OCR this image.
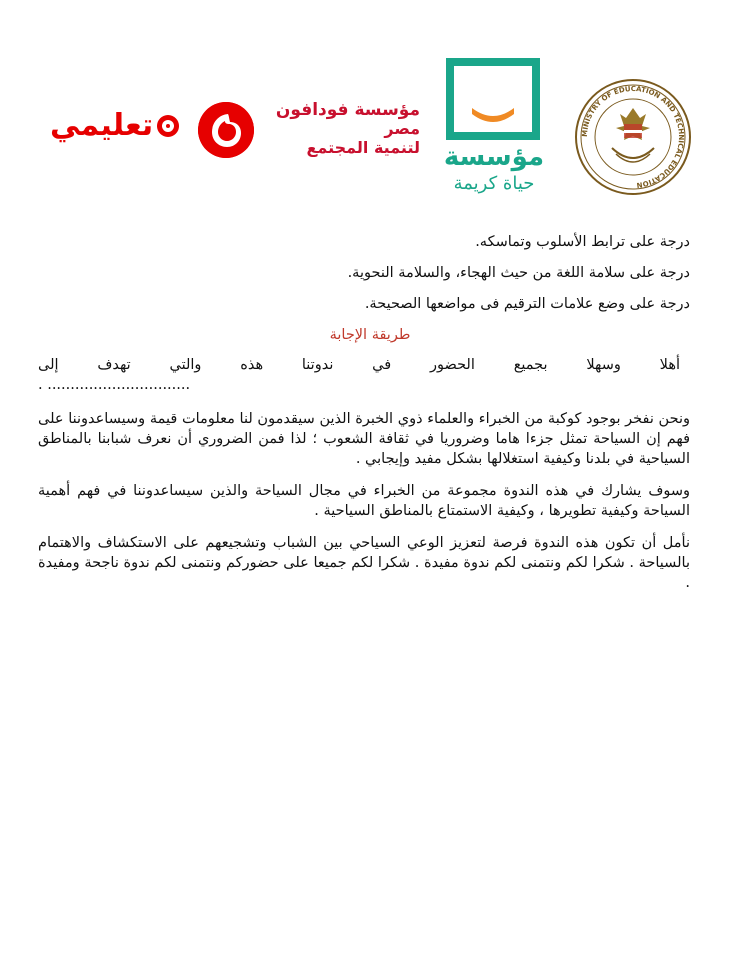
تعليمي	مؤسسة فودافون
مصر
لتنمية المجتمع مؤسسة
حياة كريمة
MINISTRY OF EDUCATION AND TECHNICAL EDUCATION

درجة على ترابط الأسلوب وتماسكه.

درجة على سلامة اللغة من حيث الهجاء، والسلامة النحوية.

درجة على وضع علامات الترقيم فى مواضعها الصحيحة.

طريقة الإجابة

أهلا وسهلا بجميع الحضور في ندوتنا هذه والتي تهدف إلى

. ...............................

ونحن نفخر بوجود كوكبة من الخبراء والعلماء ذوي الخبرة الذين سيقدمون لنا معلومات قيمة وسيساعدوننا على فهم إن السياحة تمثل جزءا هاما وضروريا في ثقافة الشعوب ؛ لذا فمن الضروري أن نعرف شبابنا بالمناطق السياحية في بلدنا وكيفية استغلالها بشكل مفيد وإيجابي .

وسوف يشارك في هذه الندوة مجموعة من الخبراء في مجال السياحة والذين سيساعدوننا في فهم أهمية السياحة وكيفية تطويرها ، وكيفية الاستمتاع بالمناطق السياحية .

نأمل أن تكون هذه الندوة فرصة لتعزيز الوعي السياحي بين الشباب وتشجيعهم على الاستكشاف والاهتمام بالسياحة . شكرا لكم ونتمنى لكم ندوة مفيدة . شكرا لكم جميعا على حضوركم ونتمنى لكم ندوة ناجحة ومفيدة .
